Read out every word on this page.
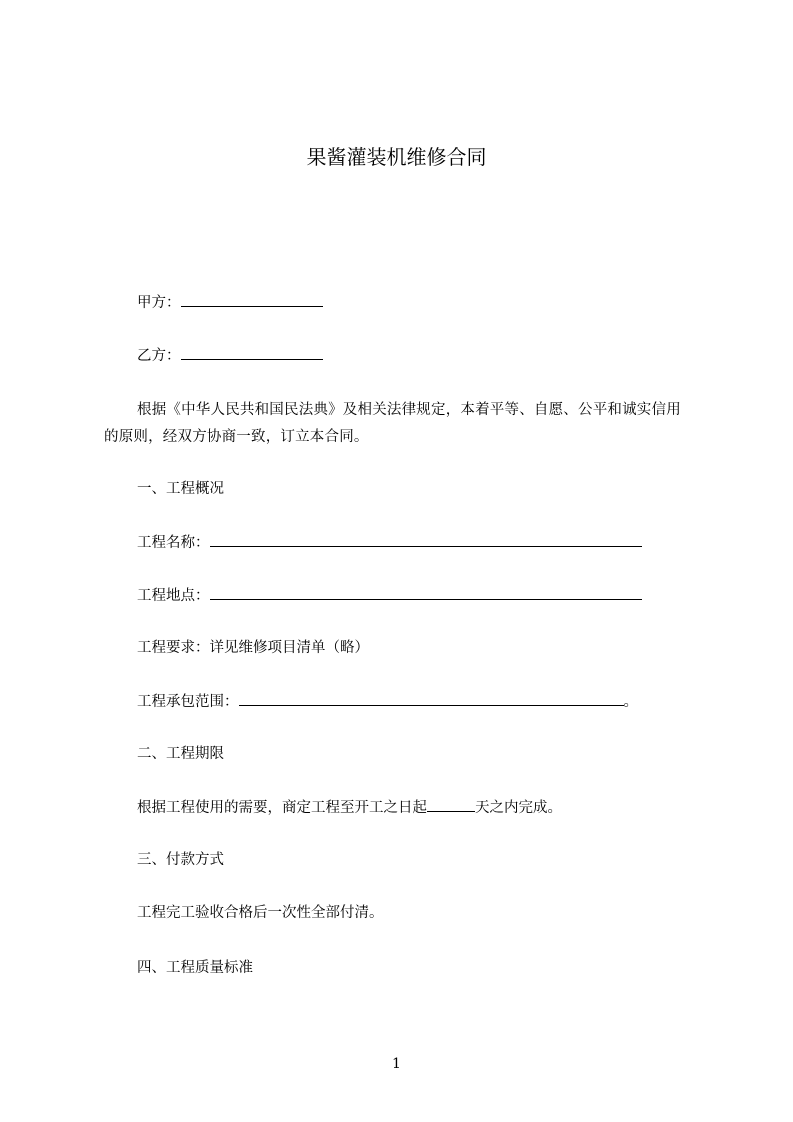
果酱灌装机维修合同
甲方：
乙方：
根据《中华人民共和国民法典》及相关法律规定，本着平等、自愿、公平和诚实信用的原则，经双方协商一致，订立本合同。
一、工程概况
工程名称：
工程地点：
工程要求：详见维修项目清单（略）
工程承包范围：	。
二、工程期限
根据工程使用的需要，商定工程至开工之日起	天之内完成。
三、付款方式
工程完工验收合格后一次性全部付清。
四、工程质量标准
1
